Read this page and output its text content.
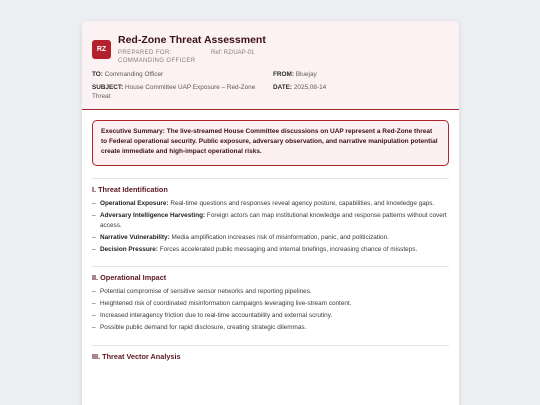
RZ
Red-Zone Threat Assessment
PREPARED FOR: COMMANDING OFFICER
Ref: RZ/UAP-01
TO: Commanding Officer	FROM: Bluejay
SUBJECT: House Committee UAP Exposure – Red-Zone Threat
DATE: 2025,08-14
Executive Summary: The live-streamed House Committee discussions on UAP represent a Red-Zone threat to Federal operational security. Public exposure, adversary observation, and narrative manipulation potential create immediate and high-impact operational risks.
I. Threat Identification
– Operational Exposure: Real-time questions and responses reveal agency posture, capabilities, and knowledge gaps.
– Adversary Intelligence Harvesting: Foreign actors can map institutional knowledge and response patterns without covert access.
– Narrative Vulnerability: Media amplification increases risk of misinformation, panic, and politicization.
– Decision Pressure: Forces accelerated public messaging and internal briefings, increasing chance of missteps.
II. Operational Impact
– Potential compromise of sensitive sensor networks and reporting pipelines.
– Heightened risk of coordinated misinformation campaigns leveraging live-stream content.
– Increased interagency friction due to real-time accountability and external scrutiny.
– Possible public demand for rapid disclosure, creating strategic dilemmas.
III. Threat Vector Analysis
